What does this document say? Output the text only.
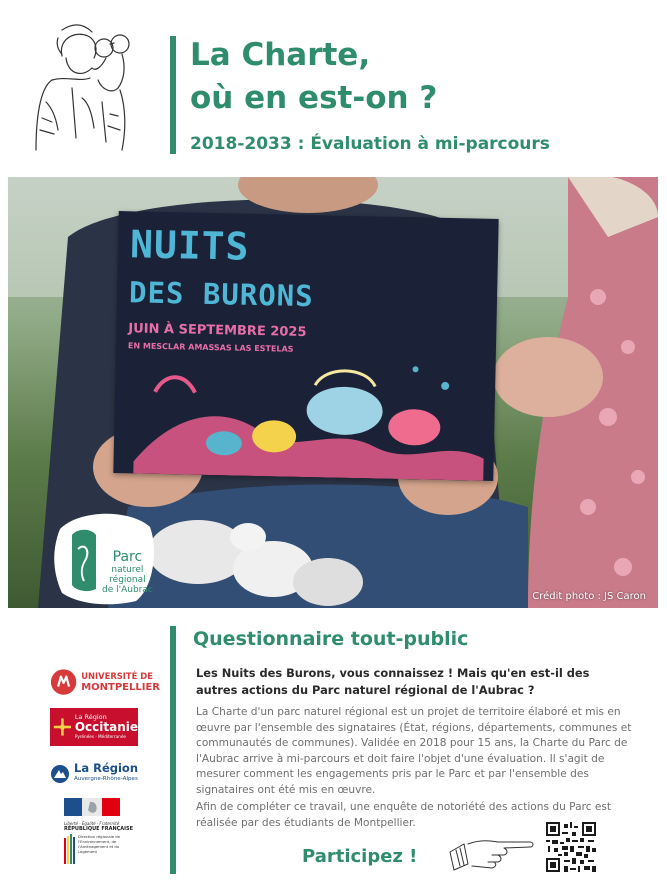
La Charte,
où en est-on ?
2018-2033 : Évaluation à mi-parcours
NUITS
DES BURONS
JUIN À SEPTEMBRE 2025
EN MESCLAR AMASSAS LAS ESTELAS
Parc
naturel
régional
de l'Aubrac
Crédit photo : JS Caron
UNIVERSITÉ DE
MONTPELLIER
La Région
Occitanie
Pyrénées · Méditerranée
La Région
Auvergne-Rhône-Alpes
Liberté · Égalité · Fraternité
RÉPUBLIQUE FRANÇAISE
Direction régionale de l'Environnement, de l'Aménagement et du Logement
Questionnaire tout-public

Les Nuits des Burons, vous connaissez ! Mais qu'en est-il des autres actions du Parc naturel régional de l'Aubrac ?

La Charte d'un parc naturel régional est un projet de territoire élaboré et mis en œuvre par l'ensemble des signataires (État, régions, départements, communes et communautés de communes). Validée en 2018 pour 15 ans, la Charte du Parc de l'Aubrac arrive à mi-parcours et doit faire l'objet d'une évaluation. Il s'agit de mesurer comment les engagements pris par le Parc et par l'ensemble des signataires ont été mis en œuvre.

Afin de compléter ce travail, une enquête de notoriété des actions du Parc est réalisée par des étudiants de Montpellier.

Participez !
